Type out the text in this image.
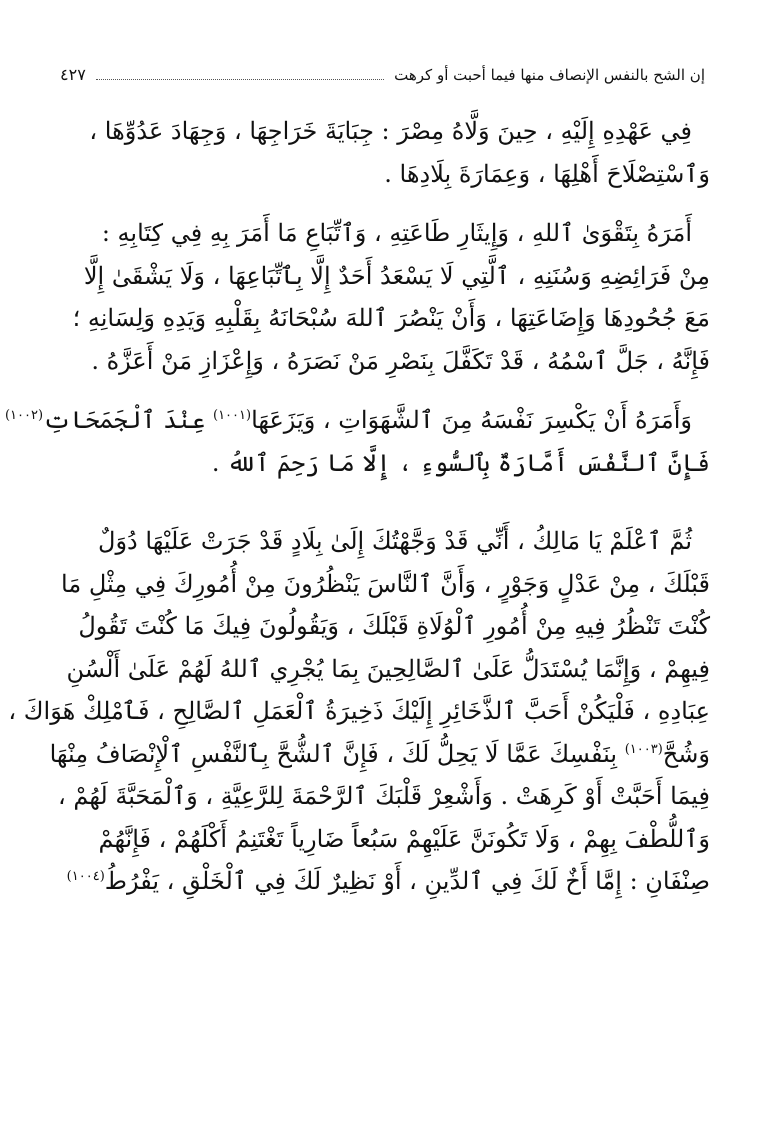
إن الشح بالنفس الإنصاف منها فيما أحبت أو كرهت
٤٢٧
فِي عَهْدِهِ إِلَيْهِ ، حِينَ وَلَّاهُ مِصْرَ : جِبَايَةَ خَرَاجِهَا ، وَجِهَادَ عَدُوِّهَا ،
وَٱسْتِصْلَاحَ أَهْلِهَا ، وَعِمَارَةَ بِلَادِهَا .
أَمَرَهُ بِتَقْوَىٰ ٱللهِ ، وَإِيثَارِ طَاعَتِهِ ، وَٱتِّبَاعِ مَا أَمَرَ بِهِ فِي كِتَابِهِ :
مِنْ فَرَائِضِهِ وَسُنَنِهِ ، ٱلَّتِي لَا يَسْعَدُ أَحَدٌ إِلَّا بِٱتِّبَاعِهَا ، وَلَا يَشْقَىٰ إِلَّا
مَعَ جُحُودِهَا وَإِضَاعَتِهَا ، وَأَنْ يَنْصُرَ ٱللهَ سُبْحَانَهُ بِقَلْبِهِ وَيَدِهِ وَلِسَانِهِ ؛
فَإِنَّهُ ، جَلَّ ٱسْمُهُ ، قَدْ تَكَفَّلَ بِنَصْرِ مَنْ نَصَرَهُ ، وَإِعْزَازِ مَنْ أَعَزَّهُ .
وَأَمَرَهُ أَنْ يَكْسِرَ نَفْسَهُ مِنَ ٱلشَّهَوَاتِ ، وَيَزَعَهَا$^{(١٠٠١)}$ عِنْدَ ٱلْجَمَحَاتِ$^{(١٠٠٢)}$
فَإِنَّ ٱلنَّفْسَ أَمَّارَةٌ بِٱلسُّوءِ ، إِلَّا مَا رَحِمَ ٱللهُ .
ثُمَّ ٱعْلَمْ يَا مَالِكُ ، أَنِّي قَدْ وَجَّهْتُكَ إِلَىٰ بِلَادٍ قَدْ جَرَتْ عَلَيْهَا دُوَلٌ
قَبْلَكَ ، مِنْ عَدْلٍ وَجَوْرٍ ، وَأَنَّ ٱلنَّاسَ يَنْظُرُونَ مِنْ أُمُورِكَ فِي مِثْلِ مَا
كُنْتَ تَنْظُرُ فِيهِ مِنْ أُمُورِ ٱلْوُلَاةِ قَبْلَكَ ، وَيَقُولُونَ فِيكَ مَا كُنْتَ تَقُولُ
فِيهِمْ ، وَإِنَّمَا يُسْتَدَلُّ عَلَىٰ ٱلصَّالِحِينَ بِمَا يُجْرِي ٱللهُ لَهُمْ عَلَىٰ أَلْسُنِ
عِبَادِهِ ، فَلْيَكُنْ أَحَبَّ ٱلذَّخَائِرِ إِلَيْكَ ذَخِيرَةُ ٱلْعَمَلِ ٱلصَّالِحِ ، فَٱمْلِكْ هَوَاكَ ،
وَشُحَّ$^{(١٠٠٣)}$ بِنَفْسِكَ عَمَّا لَا يَحِلُّ لَكَ ، فَإِنَّ ٱلشُّحَّ بِٱلنَّفْسِ ٱلْإِنْصَافُ مِنْهَا
فِيمَا أَحَبَّتْ أَوْ كَرِهَتْ . وَأَشْعِرْ قَلْبَكَ ٱلرَّحْمَةَ لِلرَّعِيَّةِ ، وَٱلْمَحَبَّةَ لَهُمْ ،
وَٱللُّطْفَ بِهِمْ ، وَلَا تَكُونَنَّ عَلَيْهِمْ سَبُعاً ضَارِياً تَغْتَنِمُ أَكْلَهُمْ ، فَإِنَّهُمْ
صِنْفَانِ : إِمَّا أَخٌ لَكَ فِي ٱلدِّينِ ، أَوْ نَظِيرٌ لَكَ فِي ٱلْخَلْقِ ، يَفْرُطُ$^{(١٠٠٤)}$
